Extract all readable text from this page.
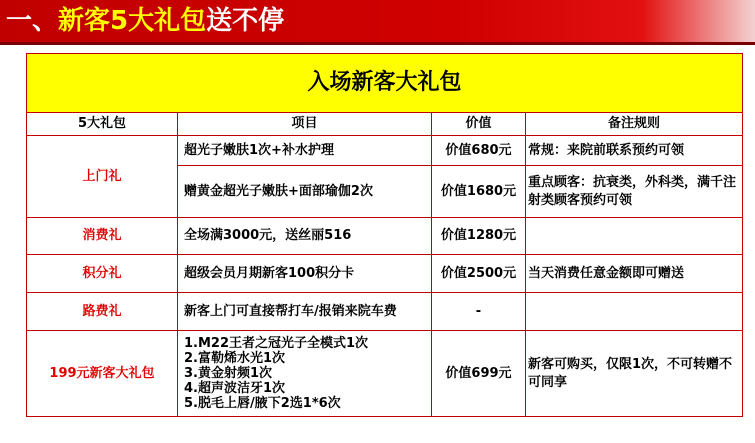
一、新客5大礼包送不停
入场新客大礼包			
5大礼包	项目	价值	备注规则
上门礼	超光子嫩肤1次+补水护理	价值680元	常规：来院前联系预约可领
	赠黄金超光子嫩肤+面部瑜伽2次	价值1680元	重点顾客：抗衰类，外科类，满千注射类顾客预约可领
消费礼	全场满3000元，送丝丽516	价值1280元	
积分礼	超级会员月期新客100积分卡	价值2500元	当天消费任意金额即可赠送
路费礼	新客上门可直接帮打车/报销来院车费	-	
199元新客大礼包	1.M22王者之冠光子全模式1次
2.富勒烯水光1次
3.黄金射频1次
4.超声波洁牙1次
5.脱毛上唇/腋下2选1*6次	价值699元	新客可购买，仅限1次，不可转赠不可同享
